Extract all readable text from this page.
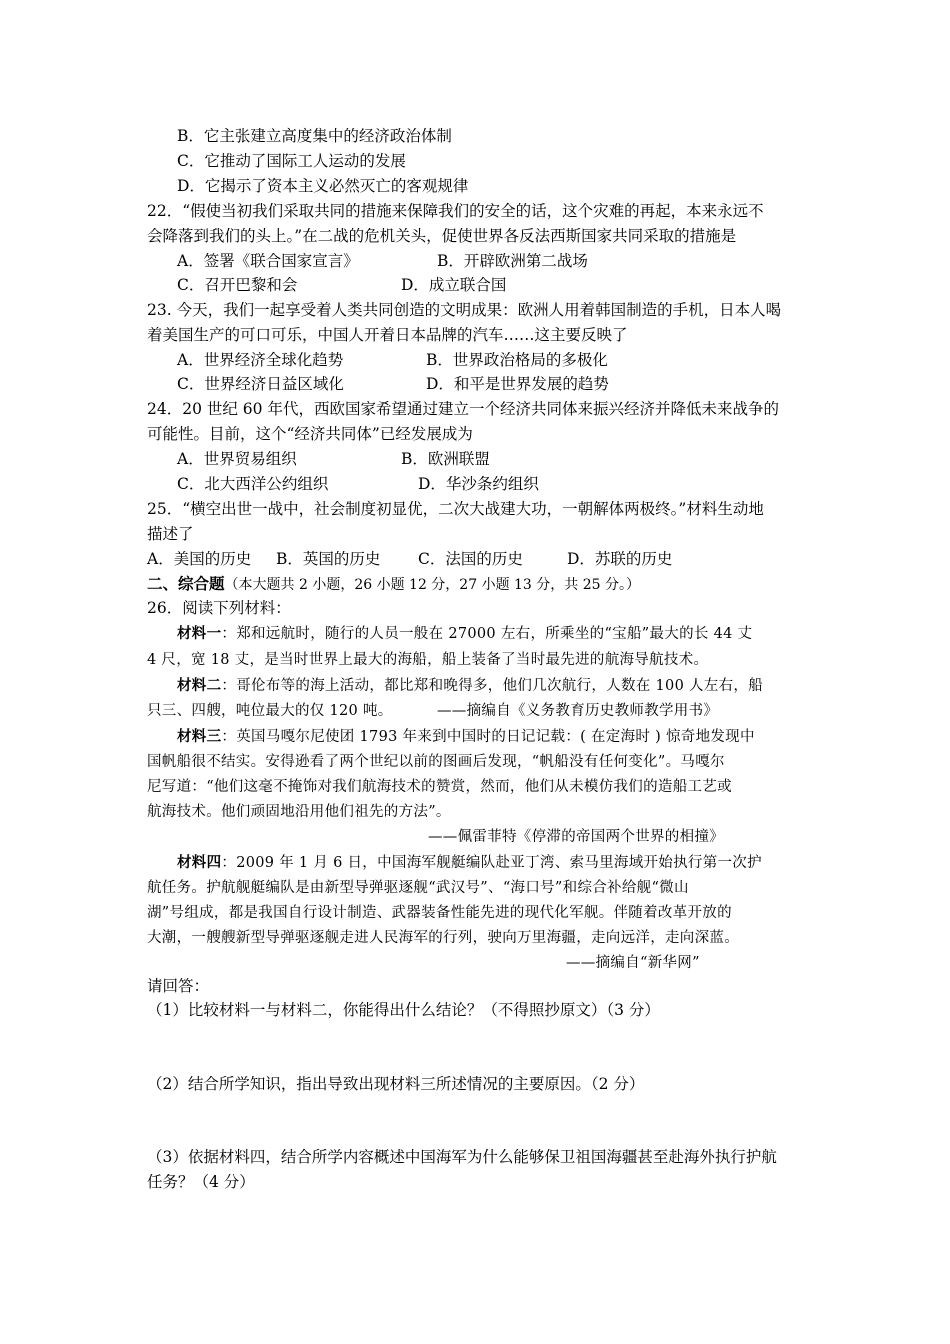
B．它主张建立高度集中的经济政治体制
C．它推动了国际工人运动的发展
D．它揭示了资本主义必然灭亡的客观规律
22．“假使当初我们采取共同的措施来保障我们的安全的话，这个灾难的再起，本来永远不
会降落到我们的头上。”在二战的危机关头，促使世界各反法西斯国家共同采取的措施是
A．签署《联合国家宣言》	B．开辟欧洲第二战场
C．召开巴黎和会	D．成立联合国
23. 今天，我们一起享受着人类共同创造的文明成果：欧洲人用着韩国制造的手机，日本人喝
着美国生产的可口可乐，中国人开着日本品牌的汽车……这主要反映了
A．世界经济全球化趋势	B．世界政治格局的多极化
C．世界经济日益区域化	D．和平是世界发展的趋势
24．20 世纪 60 年代，西欧国家希望通过建立一个经济共同体来振兴经济并降低未来战争的
可能性。目前，这个“经济共同体”已经发展成为
A．世界贸易组织	B．欧洲联盟
C．北大西洋公约组织	D．华沙条约组织
25．“横空出世一战中，社会制度初显优，二次大战建大功，一朝解体两极终。”材料生动地
描述了
A．美国的历史 B．英国的历史 C．法国的历史	D．苏联的历史
二、综合题（本大题共 2 小题，26 小题 12 分，27 小题 13 分，共 25 分。）
26．阅读下列材料：
材料一：郑和远航时，随行的人员一般在 27000 左右，所乘坐的“宝船”最大的长 44 丈
4 尺，宽 18 丈，是当时世界上最大的海船，船上装备了当时最先进的航海导航技术。
材料二：哥伦布等的海上活动，都比郑和晚得多，他们几次航行，人数在 100 人左右，船
只三、四艘，吨位最大的仅 120 吨。	——摘编自《义务教育历史教师教学用书》
材料三：英国马嘎尔尼使团 1793 年来到中国时的日记记载：( 在定海时 ) 惊奇地发现中
国帆船很不结实。安得逊看了两个世纪以前的图画后发现，“帆船没有任何变化”。马嘎尔
尼写道：“他们这毫不掩饰对我们航海技术的赞赏，然而，他们从未模仿我们的造船工艺或
航海技术。他们顽固地沿用他们祖先的方法”。
——佩雷菲特《停滞的帝国两个世界的相撞》
材料四：2009 年 1 月 6 日，中国海军舰艇编队赴亚丁湾、索马里海域开始执行第一次护
航任务。护航舰艇编队是由新型导弹驱逐舰“武汉号”、“海口号”和综合补给舰“微山
湖”号组成，都是我国自行设计制造、武器装备性能先进的现代化军舰。伴随着改革开放的
大潮，一艘艘新型导弹驱逐舰走进人民海军的行列，驶向万里海疆，走向远洋，走向深蓝。
——摘编自“新华网”
请回答：
（1）比较材料一与材料二，你能得出什么结论？（不得照抄原文）（3 分）
（2）结合所学知识，指出导致出现材料三所述情况的主要原因。（2 分）
（3）依据材料四，结合所学内容概述中国海军为什么能够保卫祖国海疆甚至赴海外执行护航
任务？（4 分）
